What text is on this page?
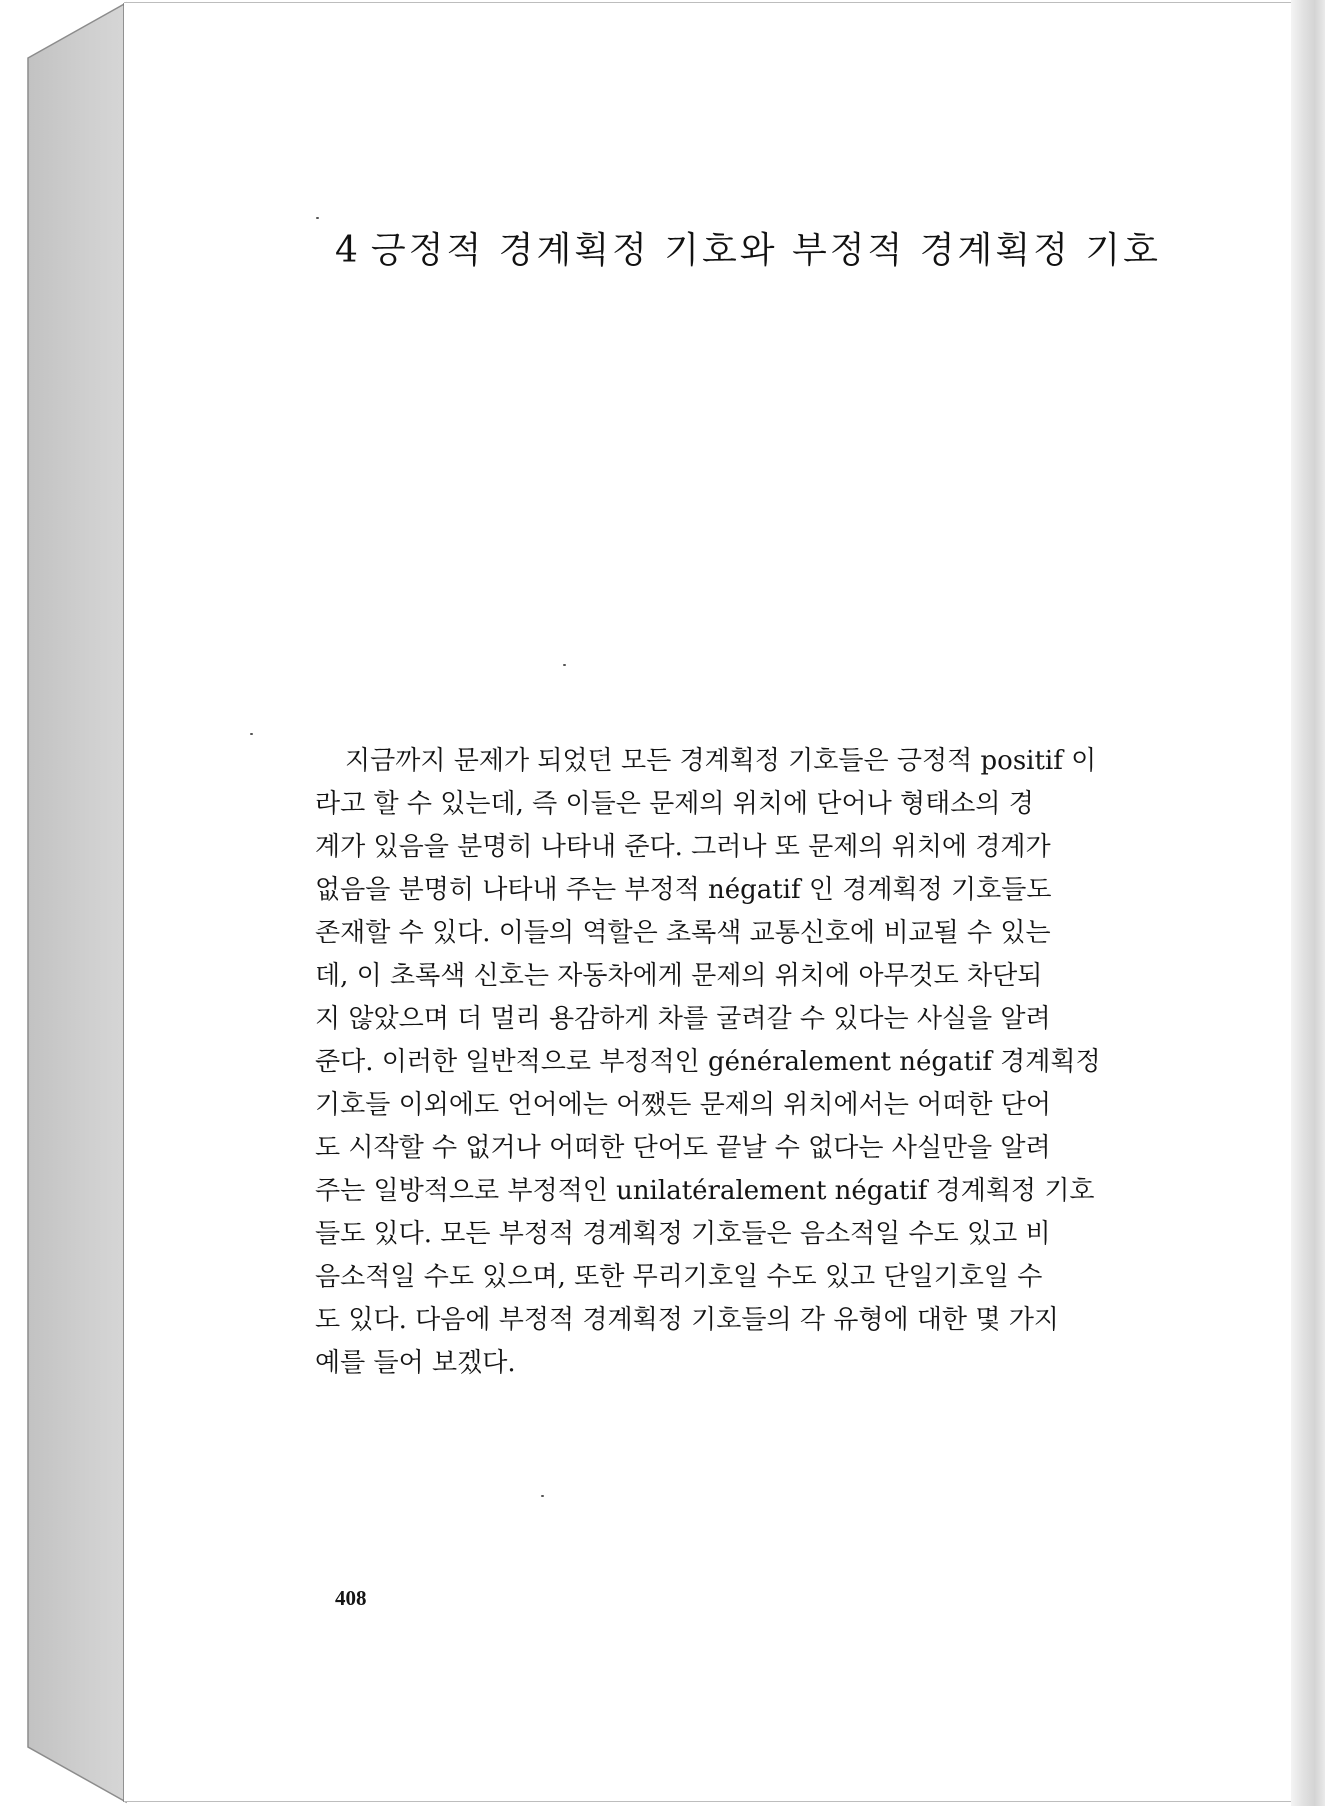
4 긍정적 경계획정 기호와 부정적 경계획정 기호
지금까지 문제가 되었던 모든 경계획정 기호들은 긍정적 positif 이
라고 할 수 있는데, 즉 이들은 문제의 위치에 단어나 형태소의 경
계가 있음을 분명히 나타내 준다. 그러나 또 문제의 위치에 경계가
없음을 분명히 나타내 주는 부정적 négatif 인 경계획정 기호들도
존재할 수 있다. 이들의 역할은 초록색 교통신호에 비교될 수 있는
데, 이 초록색 신호는 자동차에게 문제의 위치에 아무것도 차단되
지 않았으며 더 멀리 용감하게 차를 굴려갈 수 있다는 사실을 알려
준다. 이러한 일반적으로 부정적인 généralement négatif 경계획정
기호들 이외에도 언어에는 어쨌든 문제의 위치에서는 어떠한 단어
도 시작할 수 없거나 어떠한 단어도 끝날 수 없다는 사실만을 알려
주는 일방적으로 부정적인 unilatéralement négatif 경계획정 기호
들도 있다. 모든 부정적 경계획정 기호들은 음소적일 수도 있고 비
음소적일 수도 있으며, 또한 무리기호일 수도 있고 단일기호일 수
도 있다. 다음에 부정적 경계획정 기호들의 각 유형에 대한 몇 가지
예를 들어 보겠다.
408
